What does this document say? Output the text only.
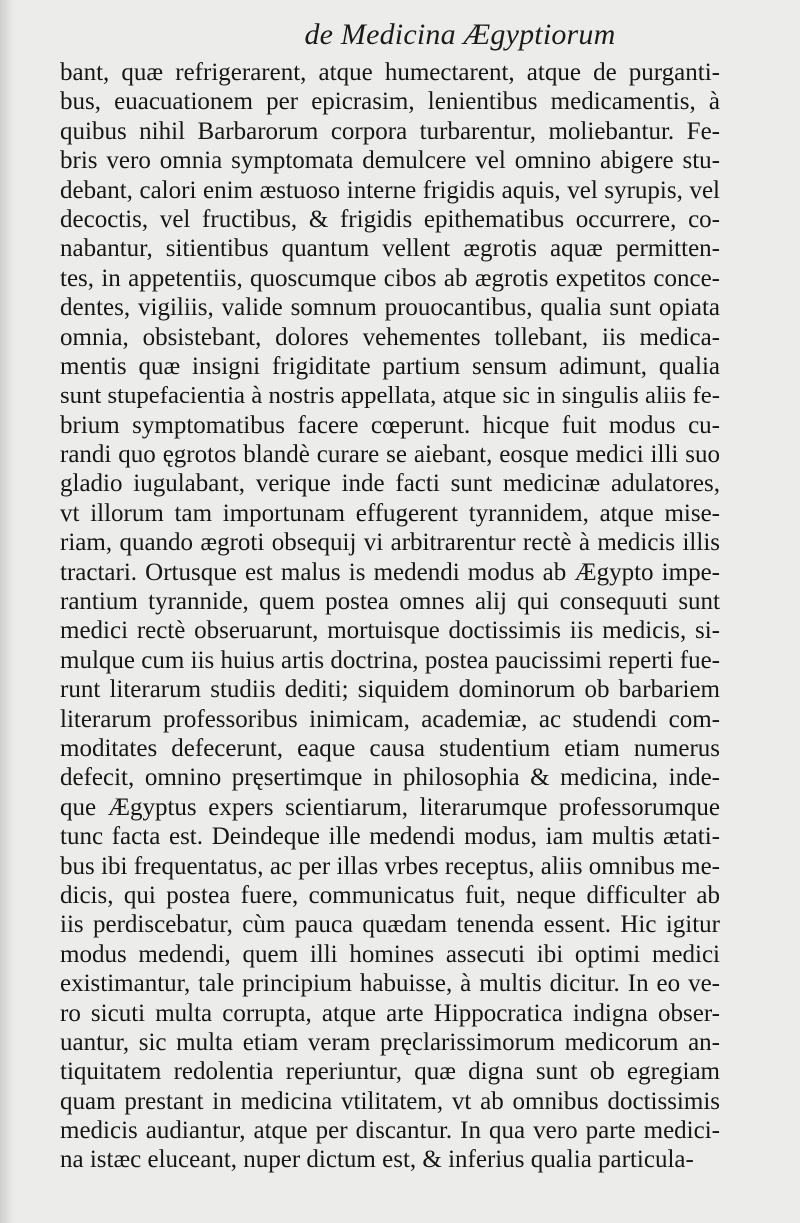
de Medicina Ægyptiorum
bant, quæ refrigerarent, atque humectarent, atque de purganti-
bus, euacuationem per epicrasim, lenientibus medicamentis, à
quibus nihil Barbarorum corpora turbarentur, moliebantur. Fe-
bris vero omnia symptomata demulcere vel omnino abigere stu-
debant, calori enim æstuoso interne frigidis aquis, vel syrupis, vel
decoctis, vel fructibus, & frigidis epithematibus occurrere, co-
nabantur, sitientibus quantum vellent ægrotis aquæ permitten-
tes, in appetentiis, quoscumque cibos ab ægrotis expetitos conce-
dentes, vigiliis, valide somnum prouocantibus, qualia sunt opiata
omnia, obsistebant, dolores vehementes tollebant, iis medica-
mentis quæ insigni frigiditate partium sensum adimunt, qualia
sunt stupefacientia à nostris appellata, atque sic in singulis aliis fe-
brium symptomatibus facere cœperunt. hicque fuit modus cu-
randi quo ęgrotos blandè curare se aiebant, eosque medici illi suo
gladio iugulabant, verique inde facti sunt medicinæ adulatores,
vt illorum tam importunam effugerent tyrannidem, atque mise-
riam, quando ægroti obsequij vi arbitrarentur rectè à medicis illis
tractari. Ortusque est malus is medendi modus ab Ægypto impe-
rantium tyrannide, quem postea omnes alij qui consequuti sunt
medici rectè obseruarunt, mortuisque doctissimis iis medicis, si-
mulque cum iis huius artis doctrina, postea paucissimi reperti fue-
runt literarum studiis dediti; siquidem dominorum ob barbariem
literarum professoribus inimicam, academiæ, ac studendi com-
moditates defecerunt, eaque causa studentium etiam numerus
defecit, omnino pręsertimque in philosophia & medicina, inde-
que Ægyptus expers scientiarum, literarumque professorumque
tunc facta est. Deindeque ille medendi modus, iam multis ætati-
bus ibi frequentatus, ac per illas vrbes receptus, aliis omnibus me-
dicis, qui postea fuere, communicatus fuit, neque difficulter ab
iis perdiscebatur, cùm pauca quædam tenenda essent. Hic igitur
modus medendi, quem illi homines assecuti ibi optimi medici
existimantur, tale principium habuisse, à multis dicitur. In eo ve-
ro sicuti multa corrupta, atque arte Hippocratica indigna obser-
uantur, sic multa etiam veram pręclarissimorum medicorum an-
tiquitatem redolentia reperiuntur, quæ digna sunt ob egregiam
quam prestant in medicina vtilitatem, vt ab omnibus doctissimis
medicis audiantur, atque per discantur. In qua vero parte medici-
na istæc eluceant, nuper dictum est, & inferius qualia particula-
